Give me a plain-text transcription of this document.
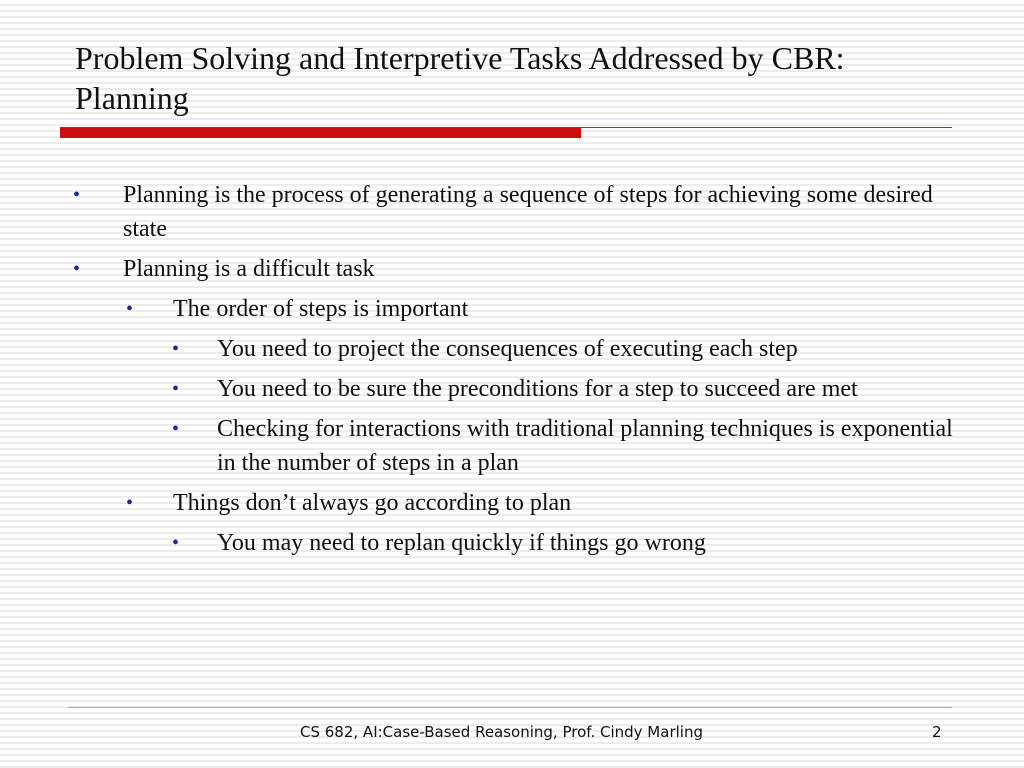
Problem Solving and Interpretive Tasks Addressed by CBR: Planning
• Planning is the process of generating a sequence of steps for achieving some desired state
• Planning is a difficult task
• The order of steps is important
• You need to project the consequences of executing each step
• You need to be sure the preconditions for a step to succeed are met
• Checking for interactions with traditional planning techniques is exponential in the number of steps in a plan
• Things don’t always go according to plan
• You may need to replan quickly if things go wrong
CS 682, AI:Case-Based Reasoning, Prof. Cindy Marling	2
